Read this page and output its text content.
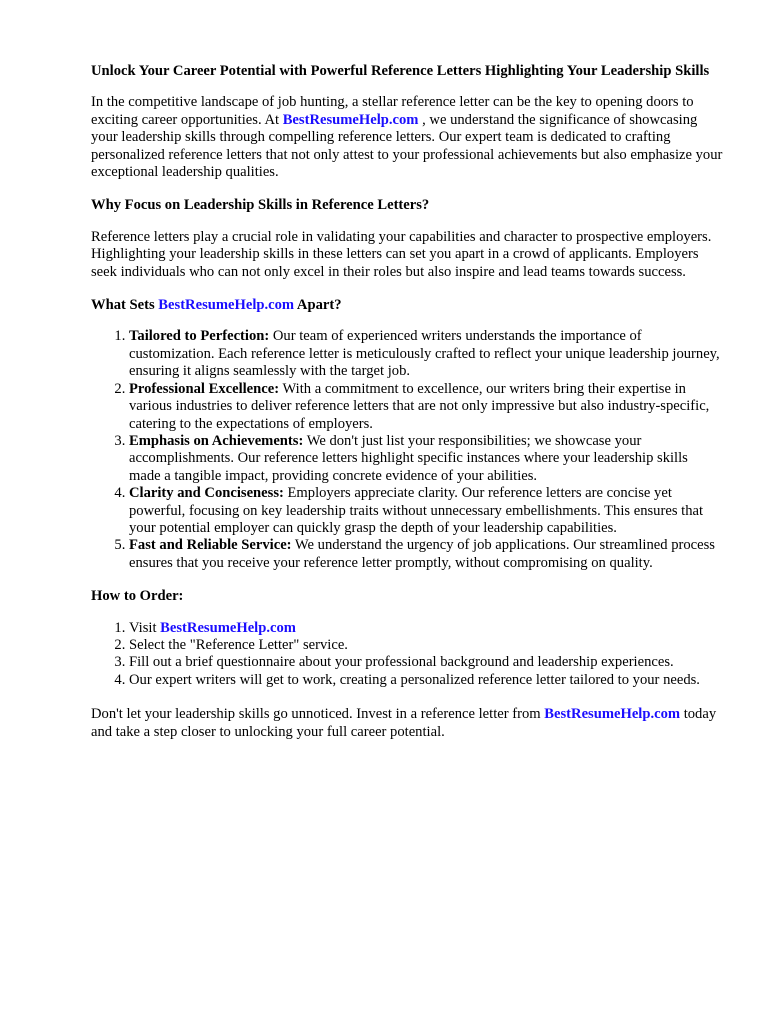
Unlock Your Career Potential with Powerful Reference Letters Highlighting Your Leadership Skills

In the competitive landscape of job hunting, a stellar reference letter can be the key to opening doors to exciting career opportunities. At BestResumeHelp.com , we understand the significance of showcasing your leadership skills through compelling reference letters. Our expert team is dedicated to crafting personalized reference letters that not only attest to your professional achievements but also emphasize your exceptional leadership qualities.

Why Focus on Leadership Skills in Reference Letters?

Reference letters play a crucial role in validating your capabilities and character to prospective employers. Highlighting your leadership skills in these letters can set you apart in a crowd of applicants. Employers seek individuals who can not only excel in their roles but also inspire and lead teams towards success.

What Sets BestResumeHelp.com Apart?
1. Tailored to Perfection: Our team of experienced writers understands the importance of customization. Each reference letter is meticulously crafted to reflect your unique leadership journey, ensuring it aligns seamlessly with the target job.
2. Professional Excellence: With a commitment to excellence, our writers bring their expertise in various industries to deliver reference letters that are not only impressive but also industry-specific, catering to the expectations of employers.
3. Emphasis on Achievements: We don't just list your responsibilities; we showcase your accomplishments. Our reference letters highlight specific instances where your leadership skills made a tangible impact, providing concrete evidence of your abilities.
4. Clarity and Conciseness: Employers appreciate clarity. Our reference letters are concise yet powerful, focusing on key leadership traits without unnecessary embellishments. This ensures that your potential employer can quickly grasp the depth of your leadership capabilities.
5. Fast and Reliable Service: We understand the urgency of job applications. Our streamlined process ensures that you receive your reference letter promptly, without compromising on quality.
How to Order:
1. Visit BestResumeHelp.com
2. Select the "Reference Letter" service.
3. Fill out a brief questionnaire about your professional background and leadership experiences.
4. Our expert writers will get to work, creating a personalized reference letter tailored to your needs.

Don't let your leadership skills go unnoticed. Invest in a reference letter from BestResumeHelp.com today and take a step closer to unlocking your full career potential.
